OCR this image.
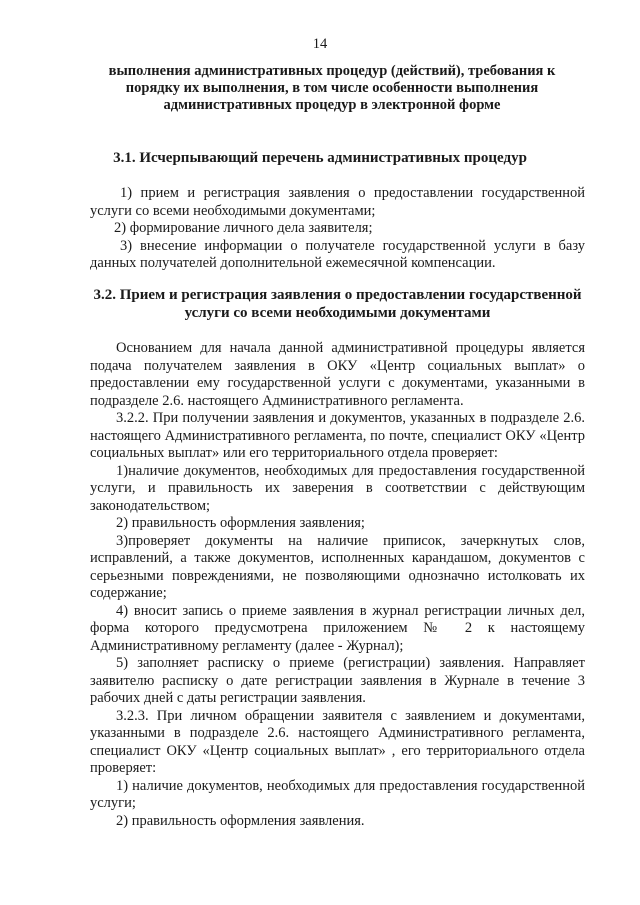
14
выполнения административных процедур (действий), требования к порядку их выполнения, в том числе особенности выполнения административных процедур в электронной форме
3.1. Исчерпывающий перечень административных процедур

1) прием и регистрация заявления о предоставлении государственной услуги со всеми необходимыми документами;

2) формирование личного дела заявителя;

3) внесение информации о получателе государственной услуги в базу данных получателей дополнительной ежемесячной компенсации.

3.2. Прием и регистрация заявления о предоставлении государственной услуги со всеми необходимыми документами

Основанием для начала данной административной процедуры является подача получателем заявления в ОКУ «Центр социальных выплат» о предоставлении ему государственной услуги с документами, указанными в подразделе 2.6. настоящего Административного регламента.

3.2.2. При получении заявления и документов, указанных в подразделе 2.6. настоящего Административного регламента, по почте, специалист ОКУ «Центр социальных выплат» или его территориального отдела проверяет:

1)наличие документов, необходимых для предоставления государственной услуги, и правильность их заверения в соответствии с действующим законодательством;

2) правильность оформления заявления;

3)проверяет документы на наличие приписок, зачеркнутых слов, исправлений, а также документов, исполненных карандашом, документов с серьезными повреждениями, не позволяющими однозначно истолковать их содержание;

4) вносит запись о приеме заявления в журнал регистрации личных дел, форма которого предусмотрена приложением № 2 к настоящему Административному регламенту (далее - Журнал);

5) заполняет расписку о приеме (регистрации) заявления. Направляет заявителю расписку о дате регистрации заявления в Журнале в течение 3 рабочих дней с даты регистрации заявления.

3.2.3. При личном обращении заявителя с заявлением и документами, указанными в подразделе 2.6. настоящего Административного регламента, специалист ОКУ «Центр социальных выплат» , его территориального отдела проверяет:

1) наличие документов, необходимых для предоставления государственной услуги;

2) правильность оформления заявления.
